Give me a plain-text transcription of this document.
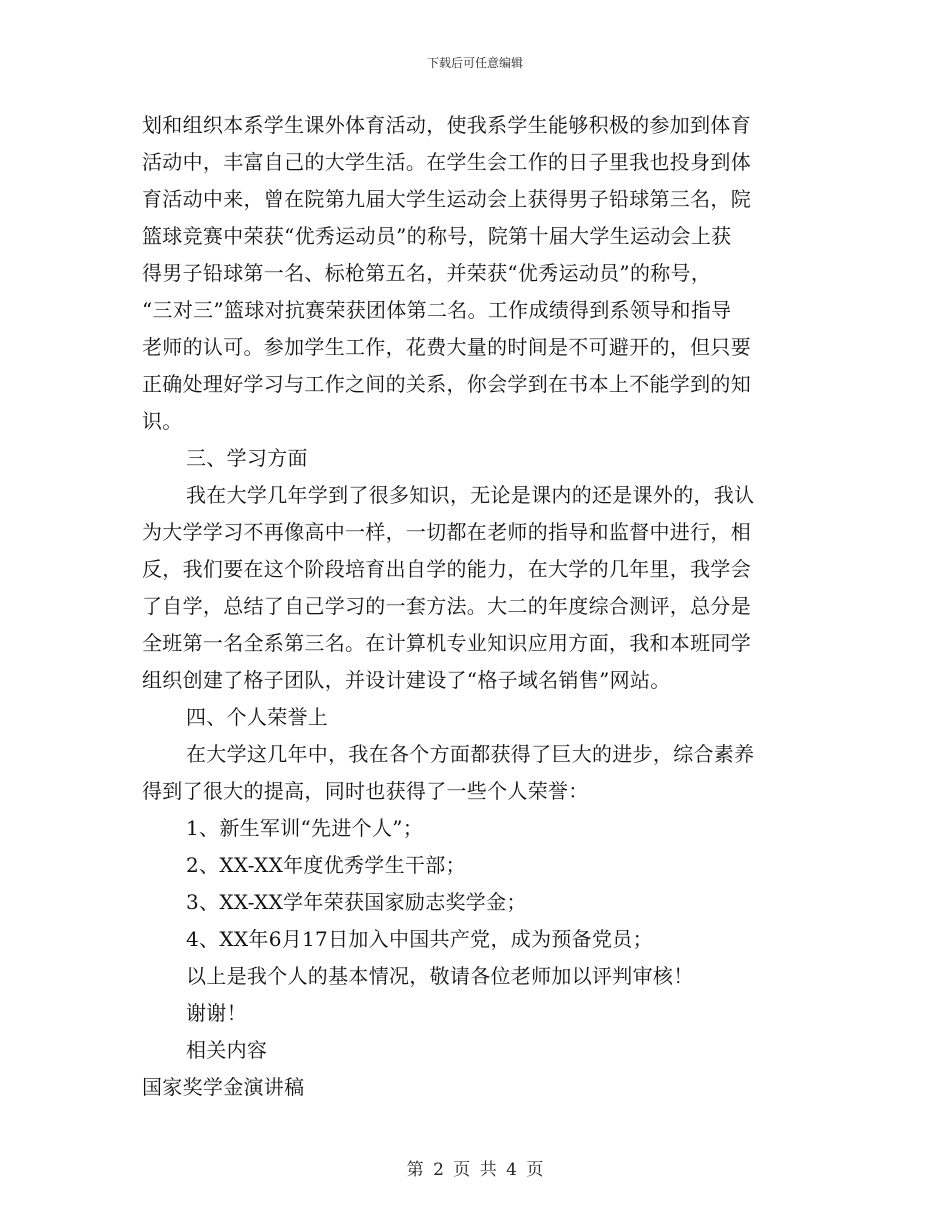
下载后可任意编辑
划和组织本系学生课外体育活动，使我系学生能够积极的参加到体育
活动中，丰富自己的大学生活。在学生会工作的日子里我也投身到体
育活动中来，曾在院第九届大学生运动会上获得男子铅球第三名，院
篮球竞赛中荣获“优秀运动员”的称号，院第十届大学生运动会上获
得男子铅球第一名、标枪第五名，并荣获“优秀运动员”的称号，
“三对三”篮球对抗赛荣获团体第二名。工作成绩得到系领导和指导
老师的认可。参加学生工作，花费大量的时间是不可避开的，但只要
正确处理好学习与工作之间的关系，你会学到在书本上不能学到的知
识。
三、学习方面
我在大学几年学到了很多知识，无论是课内的还是课外的，我认
为大学学习不再像高中一样，一切都在老师的指导和监督中进行，相
反，我们要在这个阶段培育出自学的能力，在大学的几年里，我学会
了自学，总结了自己学习的一套方法。大二的年度综合测评，总分是
全班第一名全系第三名。在计算机专业知识应用方面，我和本班同学
组织创建了格子团队，并设计建设了“格子域名销售”网站。
四、个人荣誉上
在大学这几年中，我在各个方面都获得了巨大的进步，综合素养
得到了很大的提高，同时也获得了一些个人荣誉：
1、新生军训“先进个人”；
2、XX-XX年度优秀学生干部；
3、XX-XX学年荣获国家励志奖学金；
4、XX年6月17日加入中国共产党，成为预备党员；
以上是我个人的基本情况，敬请各位老师加以评判审核！
谢谢！
相关内容
国家奖学金演讲稿
第 2 页 共 4 页
